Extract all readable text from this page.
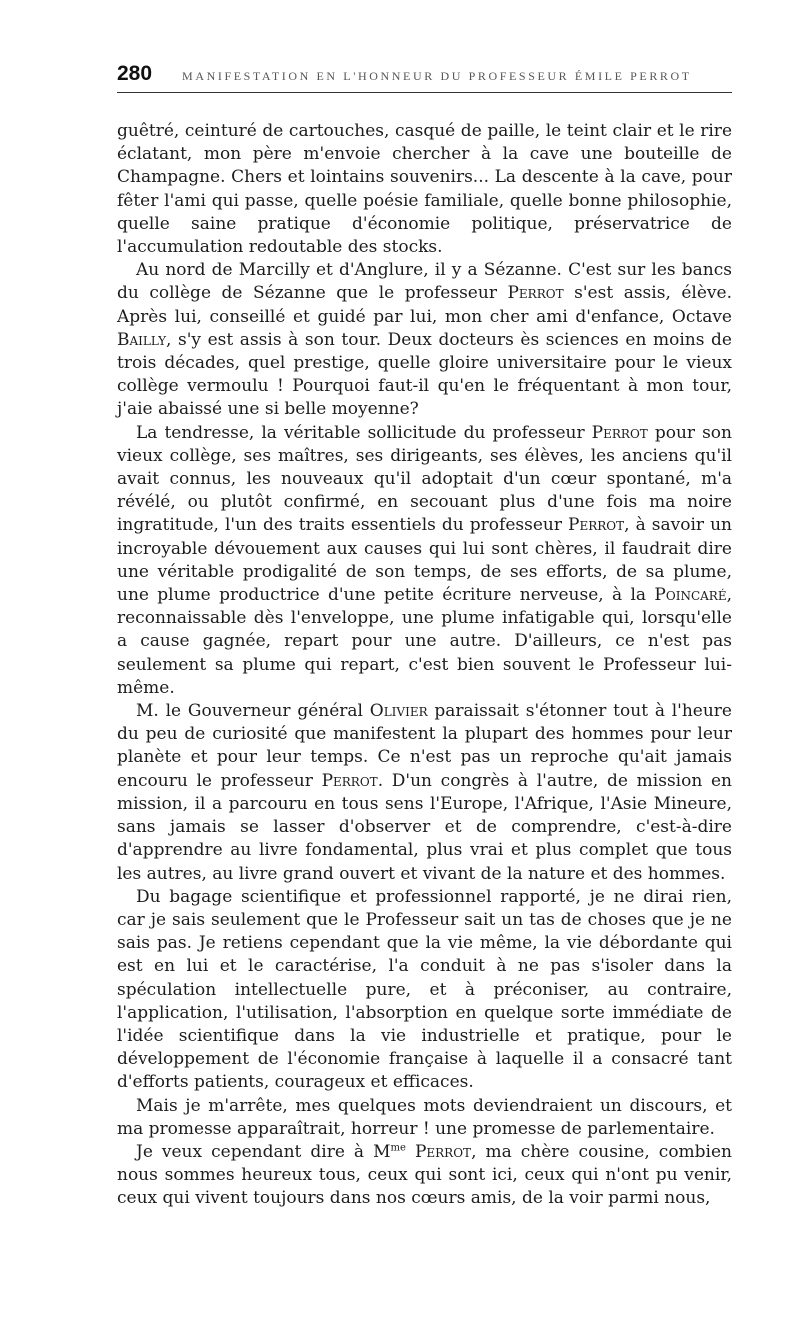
280	MANIFESTATION EN L'HONNEUR DU PROFESSEUR ÉMILE PERROT

guêtré, ceinturé de cartouches, casqué de paille, le teint clair et le rire éclatant, mon père m'envoie chercher à la cave une bouteille de Champagne. Chers et lointains souvenirs... La descente à la cave, pour fêter l'ami qui passe, quelle poésie familiale, quelle bonne philosophie, quelle saine pratique d'économie politique, préservatrice de l'accumulation redoutable des stocks.

Au nord de Marcilly et d'Anglure, il y a Sézanne. C'est sur les bancs du collège de Sézanne que le professeur Perrot s'est assis, élève. Après lui, conseillé et guidé par lui, mon cher ami d'enfance, Octave Bailly, s'y est assis à son tour. Deux docteurs ès sciences en moins de trois décades, quel prestige, quelle gloire universitaire pour le vieux collège vermoulu ! Pourquoi faut-il qu'en le fréquentant à mon tour, j'aie abaissé une si belle moyenne?

La tendresse, la véritable sollicitude du professeur Perrot pour son vieux collège, ses maîtres, ses dirigeants, ses élèves, les anciens qu'il avait connus, les nouveaux qu'il adoptait d'un cœur spontané, m'a révélé, ou plutôt confirmé, en secouant plus d'une fois ma noire ingratitude, l'un des traits essentiels du professeur Perrot, à savoir un incroyable dévouement aux causes qui lui sont chères, il faudrait dire une véritable prodigalité de son temps, de ses efforts, de sa plume, une plume productrice d'une petite écriture nerveuse, à la Poincaré, reconnaissable dès l'enveloppe, une plume infatigable qui, lorsqu'elle a cause gagnée, repart pour une autre. D'ailleurs, ce n'est pas seulement sa plume qui repart, c'est bien souvent le Professeur lui-même.

M. le Gouverneur général Olivier paraissait s'étonner tout à l'heure du peu de curiosité que manifestent la plupart des hommes pour leur planète et pour leur temps. Ce n'est pas un reproche qu'ait jamais encouru le professeur Perrot. D'un congrès à l'autre, de mission en mission, il a parcouru en tous sens l'Europe, l'Afrique, l'Asie Mineure, sans jamais se lasser d'observer et de comprendre, c'est-à-dire d'apprendre au livre fondamental, plus vrai et plus complet que tous les autres, au livre grand ouvert et vivant de la nature et des hommes.

Du bagage scientifique et professionnel rapporté, je ne dirai rien, car je sais seulement que le Professeur sait un tas de choses que je ne sais pas. Je retiens cependant que la vie même, la vie débordante qui est en lui et le caractérise, l'a conduit à ne pas s'isoler dans la spéculation intellectuelle pure, et à préconiser, au contraire, l'application, l'utilisation, l'absorption en quelque sorte immédiate de l'idée scientifique dans la vie industrielle et pratique, pour le développement de l'économie française à laquelle il a consacré tant d'efforts patients, courageux et efficaces.

Mais je m'arrête, mes quelques mots deviendraient un discours, et ma promesse apparaîtrait, horreur ! une promesse de parlementaire.

Je veux cependant dire à $M^{me}$ Perrot, ma chère cousine, combien nous sommes heureux tous, ceux qui sont ici, ceux qui n'ont pu venir, ceux qui vivent toujours dans nos cœurs amis, de la voir parmi nous,
